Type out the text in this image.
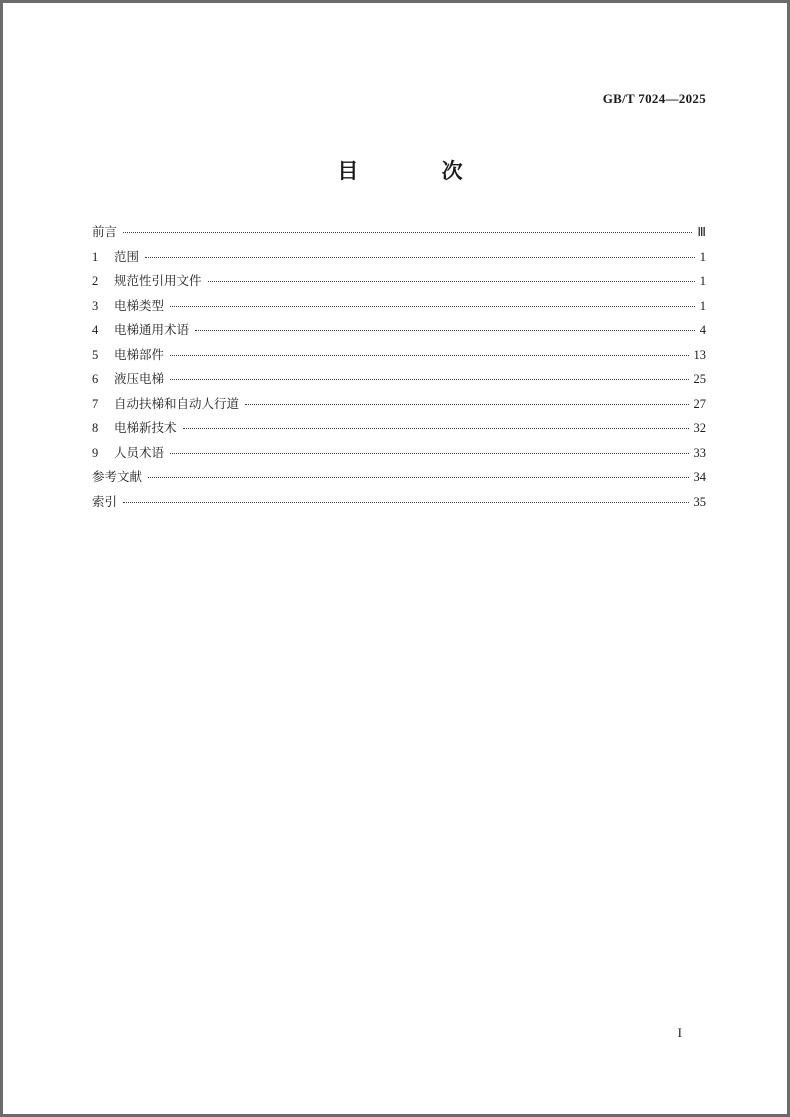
GB/T 7024—2025
目 次
前言	Ⅲ
1	范围	1
2	规范性引用文件	1
3	电梯类型	1
4	电梯通用术语	4
5	电梯部件	13
6	液压电梯	25
7	自动扶梯和自动人行道	27
8	电梯新技术	32
9	人员术语	33
参考文献	34
索引	35
I
